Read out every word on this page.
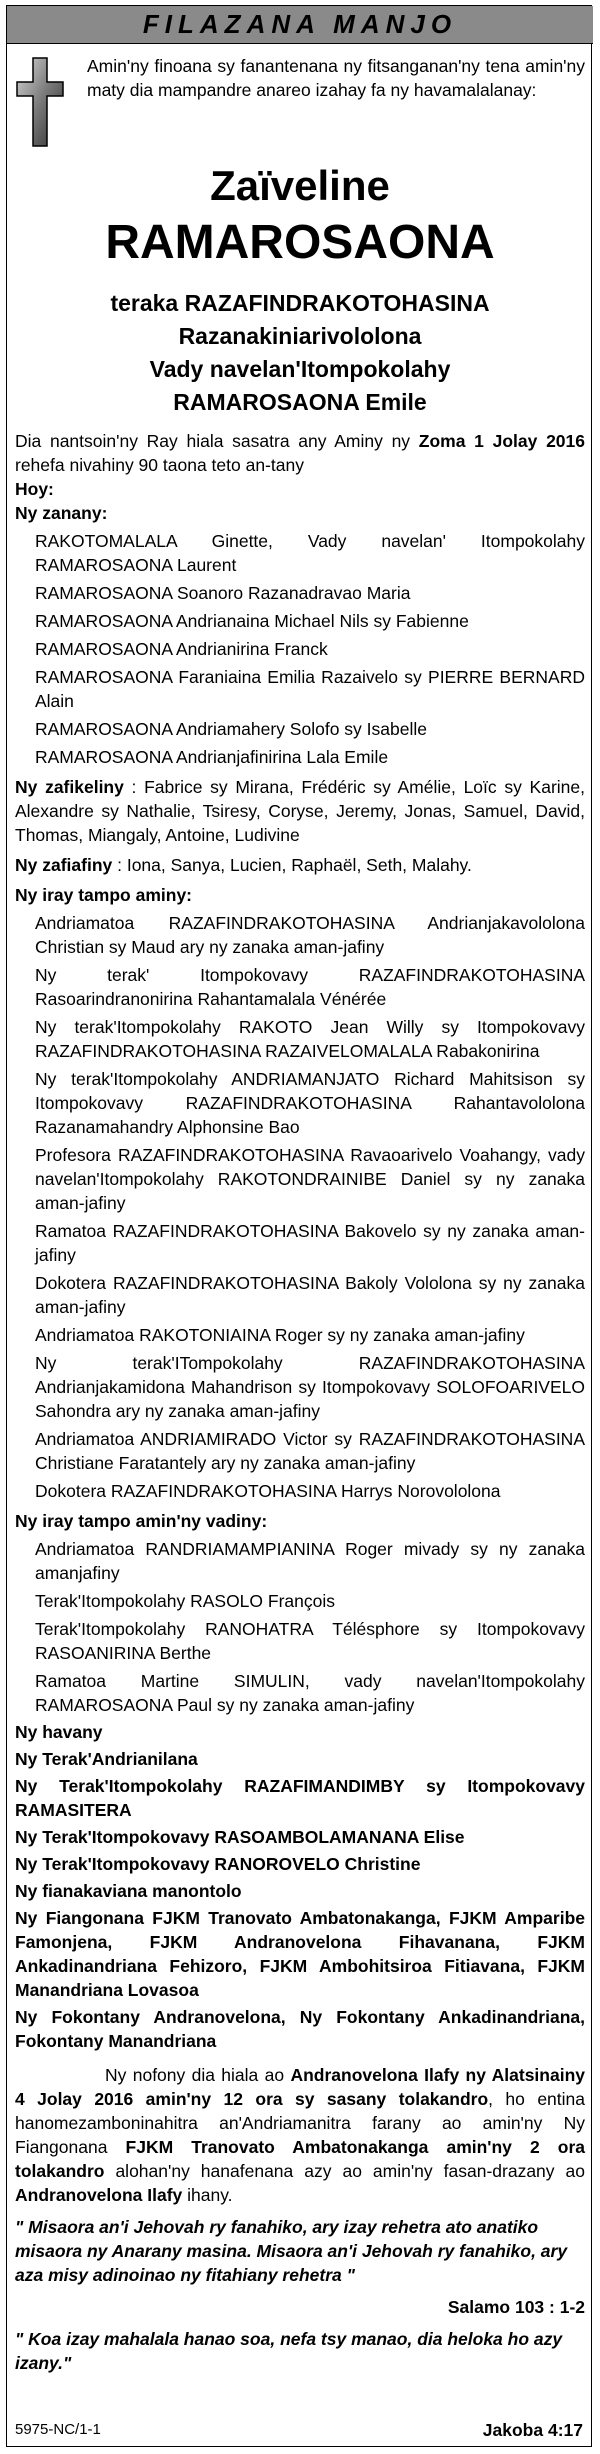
FILAZANA MANJO
Amin'ny finoana sy fanantenana ny fitsanganan'ny tena amin'ny maty dia mampandre anareo izahay fa ny havamalalanay:
Zaïveline
RAMAROSAONA
teraka RAZAFINDRAKOTOHASINA
Razanakiniarivololona
Vady navelan'Itompokolahy
RAMAROSAONA Emile
Dia nantsoin'ny Ray hiala sasatra any Aminy ny Zoma 1 Jolay 2016 rehefa nivahiny 90 taona teto an-tany
Hoy:
Ny zanany:
RAKOTOMALALA Ginette, Vady navelan' Itompokolahy RAMAROSAONA Laurent
RAMAROSAONA Soanoro Razanadravao Maria
RAMAROSAONA Andrianaina Michael Nils sy Fabienne
RAMAROSAONA Andrianirina Franck
RAMAROSAONA Faraniaina Emilia Razaivelo sy PIERRE BERNARD Alain
RAMAROSAONA Andriamahery Solofo sy Isabelle
RAMAROSAONA Andrianjafinirina Lala Emile
Ny zafikeliny : Fabrice sy Mirana, Frédéric sy Amélie, Loïc sy Karine, Alexandre sy Nathalie, Tsiresy, Coryse, Jeremy, Jonas, Samuel, David, Thomas, Miangaly, Antoine, Ludivine
Ny zafiafiny : Iona, Sanya, Lucien, Raphaël, Seth, Malahy.
Ny iray tampo aminy:
Andriamatoa RAZAFINDRAKOTOHASINA Andrianjakavololona Christian sy Maud ary ny zanaka aman-jafiny
Ny terak' Itompokovavy RAZAFINDRAKOTOHASINA Rasoarindranonirina Rahantamalala Vénérée
Ny terak'Itompokolahy RAKOTO Jean Willy sy Itompokovavy RAZAFINDRAKOTOHASINA RAZAIVELOMALALA Rabakonirina
Ny terak'Itompokolahy ANDRIAMANJATO Richard Mahitsison sy Itompokovavy RAZAFINDRAKOTOHASINA Rahantavololona Razanamahandry Alphonsine Bao
Profesora RAZAFINDRAKOTOHASINA Ravaoarivelo Voahangy, vady navelan'Itompokolahy RAKOTONDRAINIBE Daniel sy ny zanaka aman-jafiny
Ramatoa RAZAFINDRAKOTOHASINA Bakovelo sy ny zanaka aman-jafiny
Dokotera RAZAFINDRAKOTOHASINA Bakoly Vololona sy ny zanaka aman-jafiny
Andriamatoa RAKOTONIAINA Roger sy ny zanaka aman-jafiny
Ny terak'ITompokolahy RAZAFINDRAKOTOHASINA Andrianjakamidona Mahandrison sy Itompokovavy SOLOFOARIVELO Sahondra ary ny zanaka aman-jafiny
Andriamatoa ANDRIAMIRADO Victor sy RAZAFINDRAKOTOHASINA Christiane Faratantely ary ny zanaka aman-jafiny
Dokotera RAZAFINDRAKOTOHASINA Harrys Norovololona
Ny iray tampo amin'ny vadiny:
Andriamatoa RANDRIAMAMPIANINA Roger mivady sy ny zanaka amanjafiny
Terak'Itompokolahy RASOLO François
Terak'Itompokolahy RANOHATRA Télésphore sy Itompokovavy RASOANIRINA Berthe
Ramatoa Martine SIMULIN, vady navelan'Itompokolahy RAMAROSAONA Paul sy ny zanaka aman-jafiny
Ny havany
Ny Terak'Andrianilana
Ny Terak'Itompokolahy RAZAFIMANDIMBY sy Itompokovavy RAMASITERA
Ny Terak'Itompokovavy RASOAMBOLAMANANA Elise
Ny Terak'Itompokovavy RANOROVELO Christine
Ny fianakaviana manontolo
Ny Fiangonana FJKM Tranovato Ambatonakanga, FJKM Amparibe Famonjena, FJKM Andranovelona Fihavanana, FJKM Ankadinandriana Fehizoro, FJKM Ambohitsiroa Fitiavana, FJKM Manandriana Lovasoa
Ny Fokontany Andranovelona, Ny Fokontany Ankadinandriana, Fokontany Manandriana
Ny nofony dia hiala ao Andranovelona Ilafy ny Alatsinainy 4 Jolay 2016 amin'ny 12 ora sy sasany tolakandro, ho entina hanomezamboninahitra an'Andriamanitra farany ao amin'ny Ny Fiangonana FJKM Tranovato Ambatonakanga amin'ny 2 ora tolakandro alohan'ny hanafenana azy ao amin'ny fasan-drazany ao Andranovelona Ilafy ihany.
" Misaora an'i Jehovah ry fanahiko, ary izay rehetra ato anatiko misaora ny Anarany masina. Misaora an'i Jehovah ry fanahiko, ary aza misy adinoinao ny fitahiany rehetra "
Salamo 103 : 1-2
" Koa izay mahalala hanao soa, nefa tsy manao, dia heloka ho azy izany."
5975-NC/1-1	Jakoba 4:17
